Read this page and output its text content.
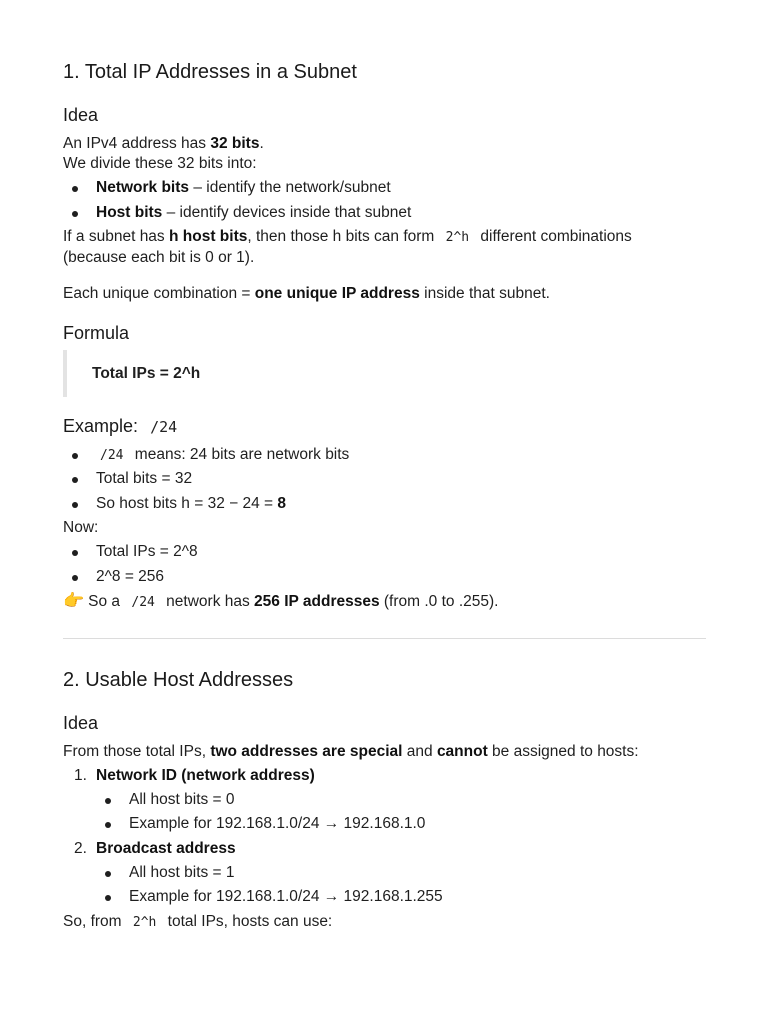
1. Total IP Addresses in a Subnet
Idea

An IPv4 address has 32 bits.

We divide these 32 bits into:

Network bits – identify the network/subnet

Host bits – identify devices inside that subnet

If a subnet has h host bits, then those h bits can form 2^h different combinations

(because each bit is 0 or 1).

Each unique combination = one unique IP address inside that subnet.

Formula

Total IPs = 2^h

Example: /24

/24 means: 24 bits are network bits

Total bits = 32

So host bits h = 32 − 24 = 8

Now:

Total IPs = 2^8

2^8 = 256

👉 So a /24 network has 256 IP addresses (from .0 to .255).

2. Usable Host Addresses
Idea

From those total IPs, two addresses are special and cannot be assigned to hosts:

1. Network ID (network address)

All host bits = 0

Example for 192.168.1.0/24 → 192.168.1.0

2. Broadcast address

All host bits = 1

Example for 192.168.1.0/24 → 192.168.1.255

So, from 2^h total IPs, hosts can use:
